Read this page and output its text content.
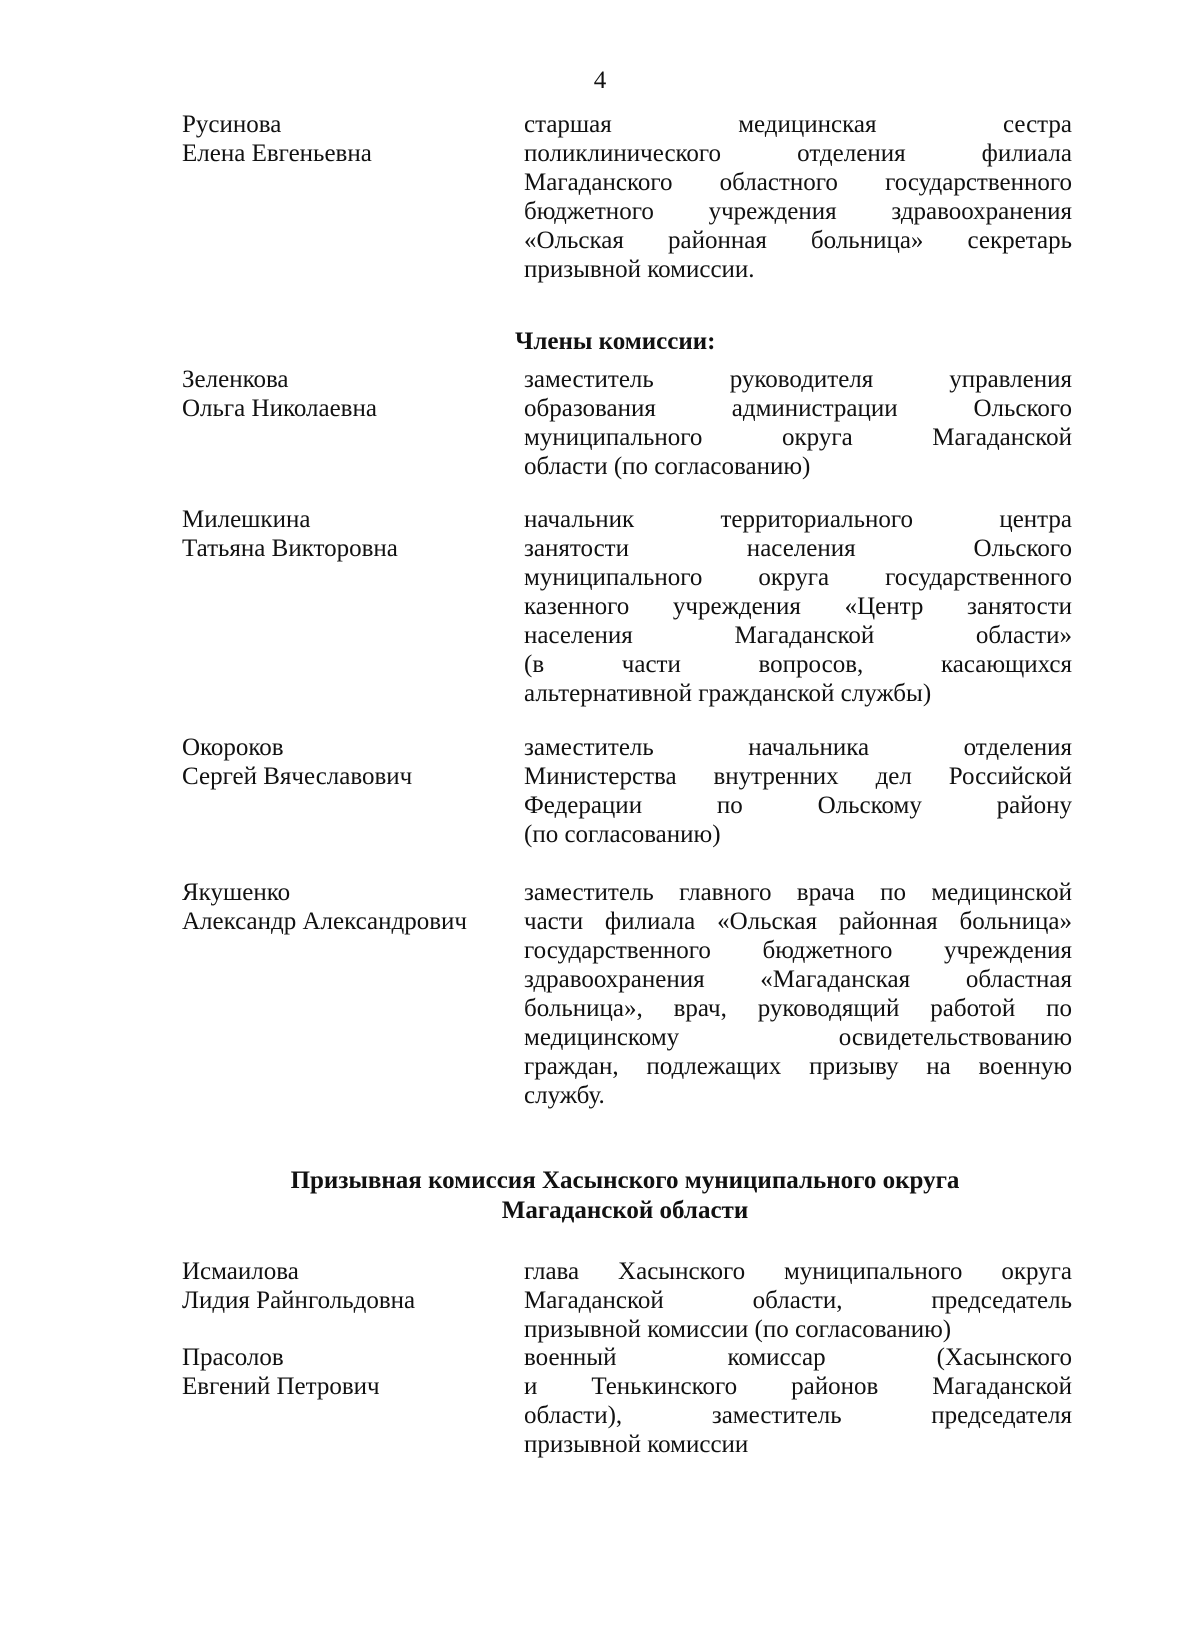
4
Русинова
Елена Евгеньевна
старшая медицинская сестра
поликлинического отделения филиала
Магаданского областного государственного
бюджетного учреждения здравоохранения
«Ольская районная больница» секретарь
призывной комиссии.
Члены комиссии:
Зеленкова
Ольга Николаевна
заместитель руководителя управления
образования администрации Ольского
муниципального округа Магаданской
области (по согласованию)
Милешкина
Татьяна Викторовна
начальник территориального центра
занятости населения Ольского
муниципального округа государственного
казенного учреждения «Центр занятости
населения Магаданской области»
(в части вопросов, касающихся
альтернативной гражданской службы)
Окороков
Сергей Вячеславович
заместитель начальника отделения
Министерства внутренних дел Российской
Федерации по Ольскому району
(по согласованию)
Якушенко
Александр Александрович
заместитель главного врача по медицинской
части филиала «Ольская районная больница»
государственного бюджетного учреждения
здравоохранения «Магаданская областная
больница», врач, руководящий работой по
медицинскому освидетельствованию
граждан, подлежащих призыву на военную
службу.
Призывная комиссия Хасынского муниципального округа
Магаданской области
Исмаилова
Лидия Райнгольдовна
глава Хасынского муниципального округа
Магаданской области, председатель
призывной комиссии (по согласованию)
Прасолов
Евгений Петрович
военный комиссар (Хасынского
и Тенькинского районов Магаданской
области), заместитель председателя
призывной комиссии
